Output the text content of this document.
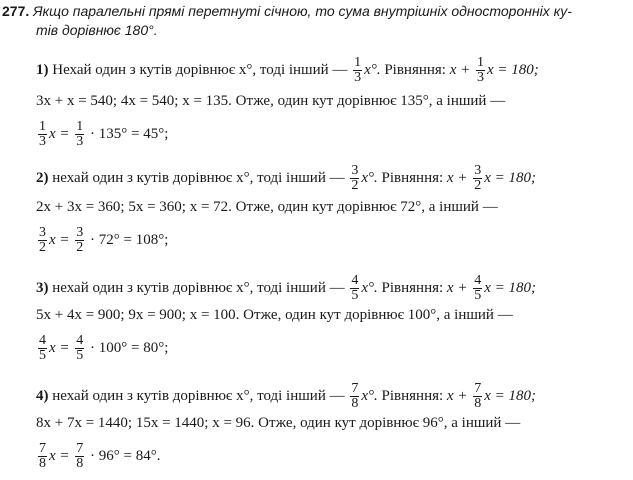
277. Якщо паралельні прямі перетнуті січною, то сума внутрішніх односторонніх ку-
тів дорівнює 180°.
1) Нехай один з кутів дорівнює x°, тоді інший — $\frac{1}{3} x^\circ$. Рівняння: $x + \frac{1}{3}$ x = 180;
3x + x = 540; 4x = 540; x = 135. Отже, один кут дорівнює 135°, а інший —
$\frac{1}{3}$ $x = \frac{1}{3} \cdot 135^\circ = 45^\circ$;
2) нехай один з кутів дорівнює x°, тоді інший — $\frac{3}{2} x^\circ$. Рівняння: $x + \frac{3}{2}$ x = 180;
2x + 3x = 360; 5x = 360; x = 72. Отже, один кут дорівнює 72°, а інший —
$\frac{3}{2}$ $x = \frac{3}{2} \cdot 72^\circ = 108^\circ$;
3) нехай один з кутів дорівнює x°, тоді інший — $\frac{4}{5} x^\circ$. Рівняння: $x + \frac{4}{5}$ x = 180;
5x + 4x = 900; 9x = 900; x = 100. Отже, один кут дорівнює 100°, а інший —
$\frac{4}{5}$ $x = \frac{4}{5} \cdot 100^\circ = 80^\circ$;
4) нехай один з кутів дорівнює x°, тоді інший — $\frac{7}{8} x^\circ$. Рівняння: $x + \frac{7}{8}$ x = 180;
8x + 7x = 1440; 15x = 1440; x = 96. Отже, один кут дорівнює 96°, а інший —
$\frac{7}{8}$ $x = \frac{7}{8} \cdot 96^\circ = 84^\circ$.
